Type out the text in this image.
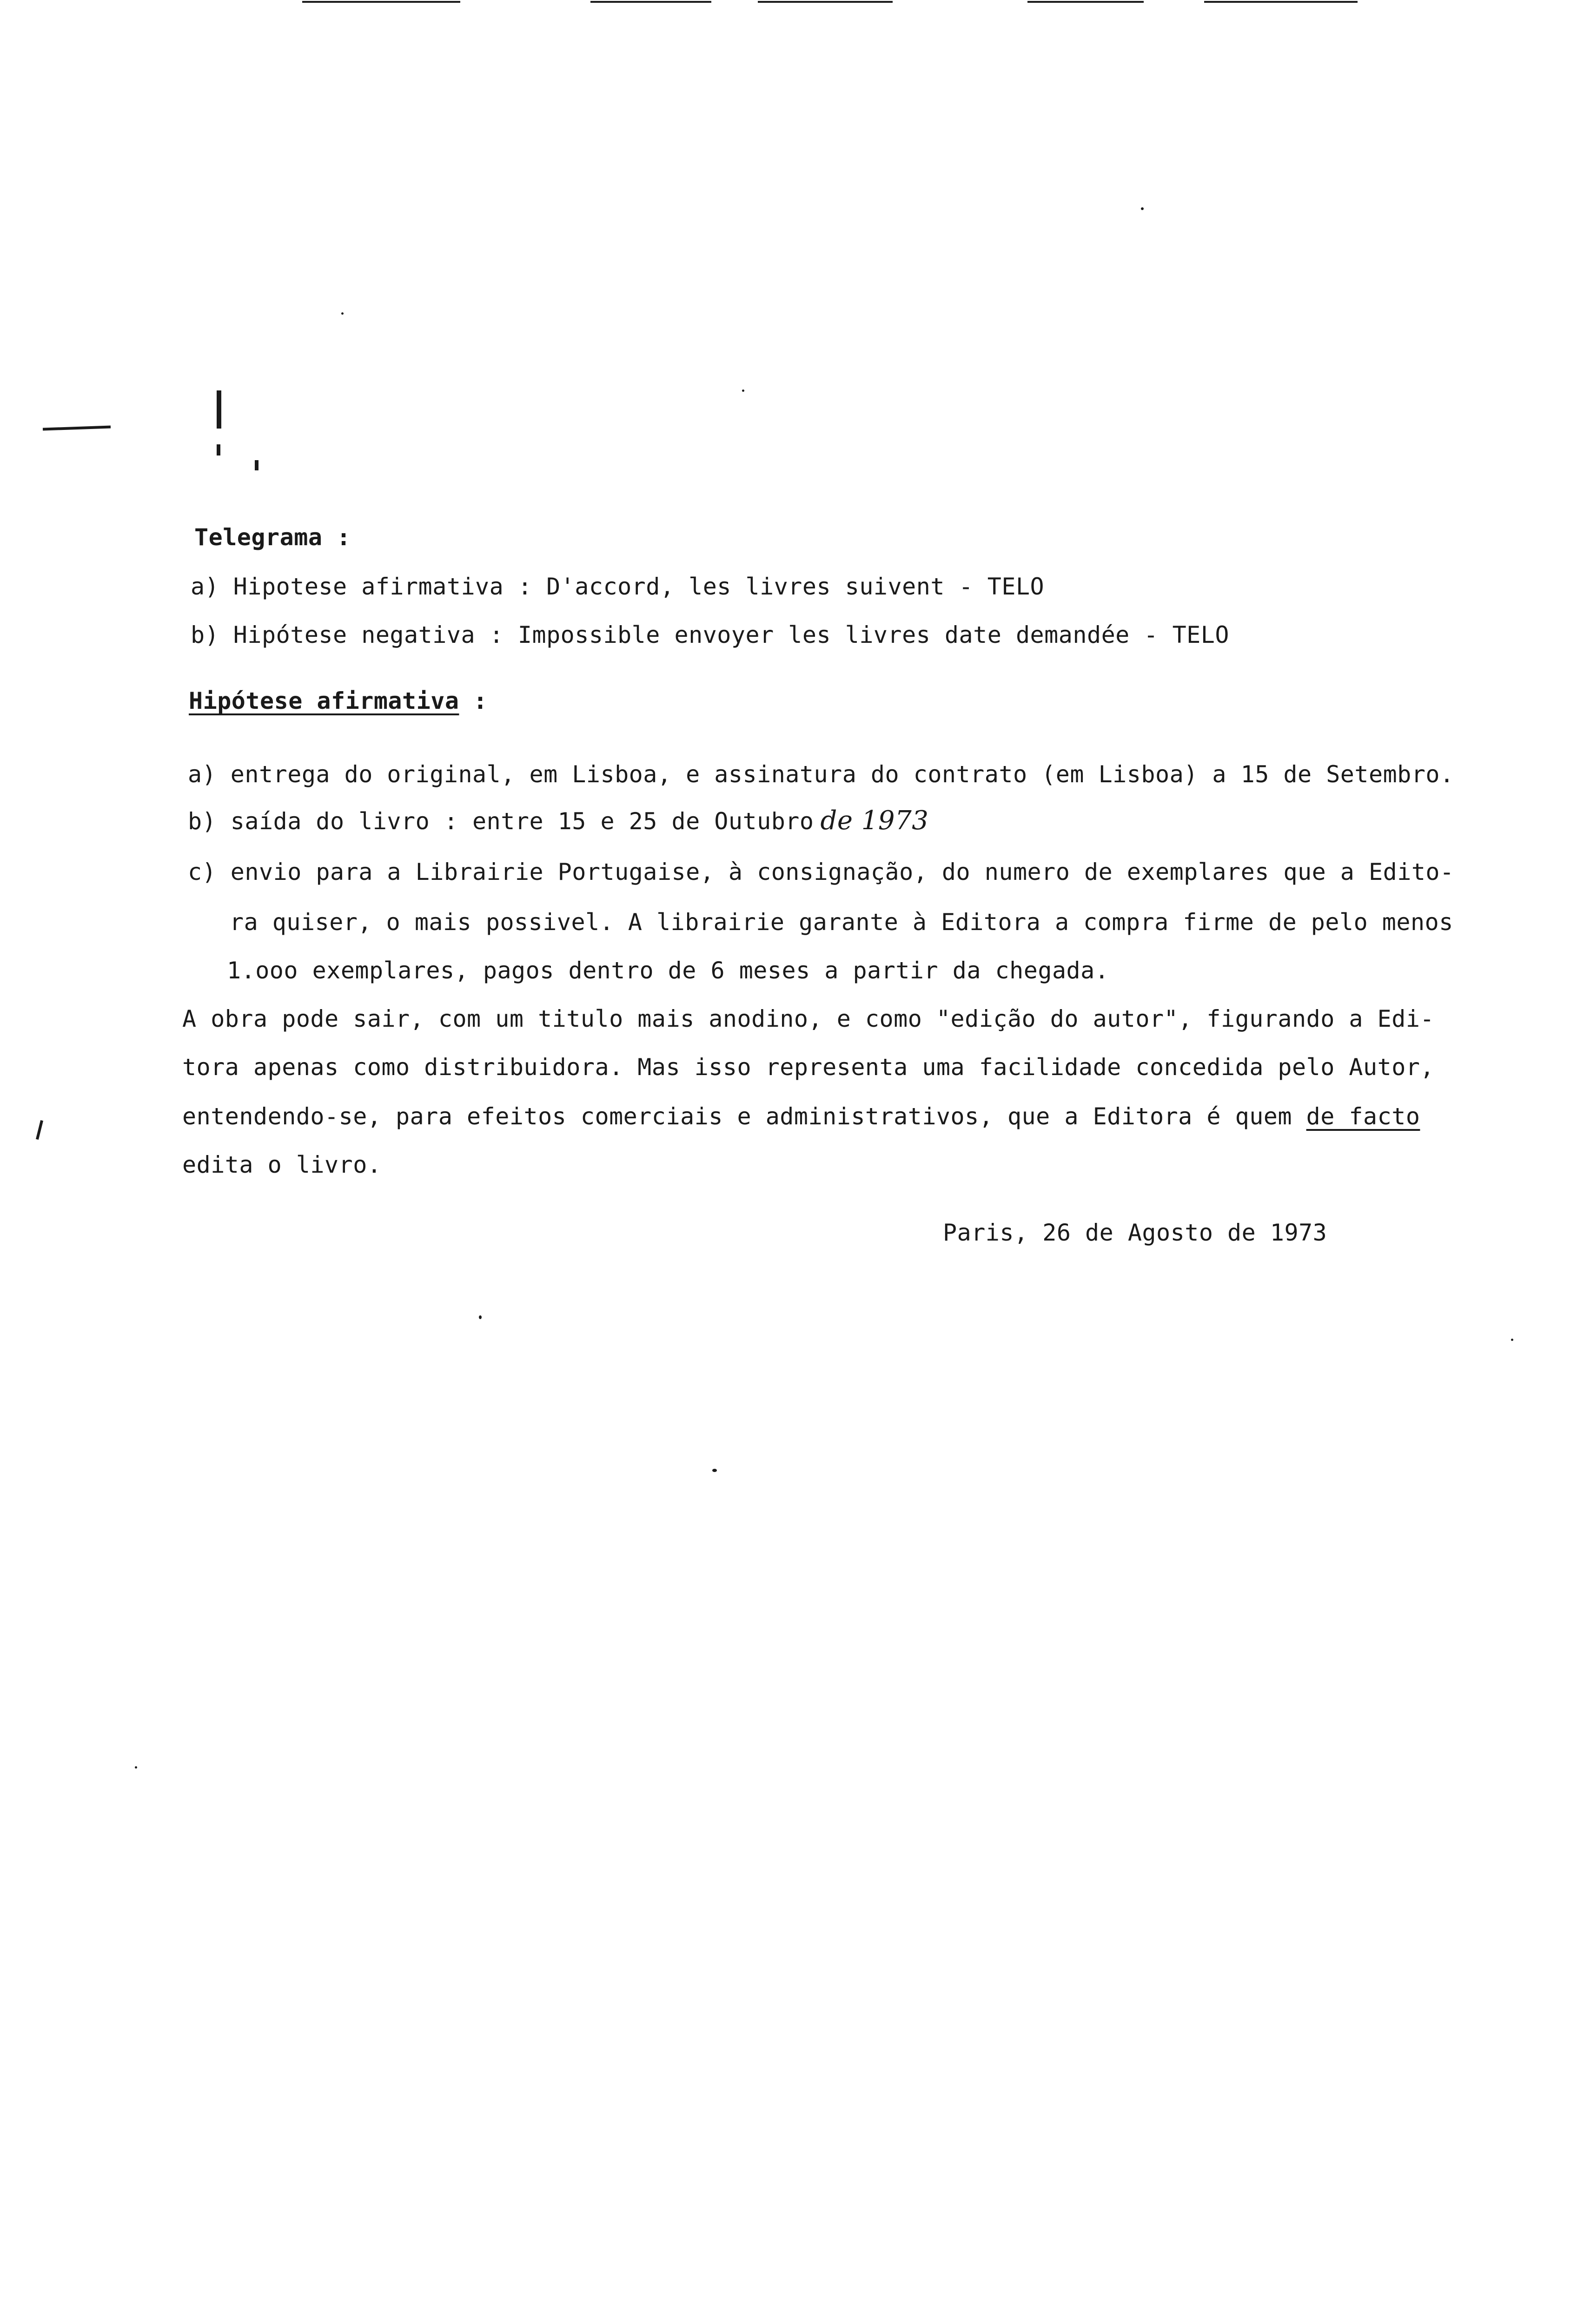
Telegrama :
a) Hipotese afirmativa : D'accord, les livres suivent - TELO
b) Hipótese negativa : Impossible envoyer les livres date demandée - TELO
Hipótese afirmativa :
a) entrega do original, em Lisboa, e assinatura do contrato (em Lisboa) a 15 de Setembro.
b) saída do livro : entre 15 e 25 de Outubro de 1973
c) envio para a Librairie Portugaise, à consignação, do numero de exemplares que a Edito-
ra quiser, o mais possivel. A librairie garante à Editora a compra firme de pelo menos
1.ooo exemplares, pagos dentro de 6 meses a partir da chegada.
A obra pode sair, com um titulo mais anodino, e como "edição do autor", figurando a Edi-
tora apenas como distribuidora. Mas isso representa uma facilidade concedida pelo Autor,
entendendo-se, para efeitos comerciais e administrativos, que a Editora é quem de facto
edita o livro.
Paris, 26 de Agosto de 1973
